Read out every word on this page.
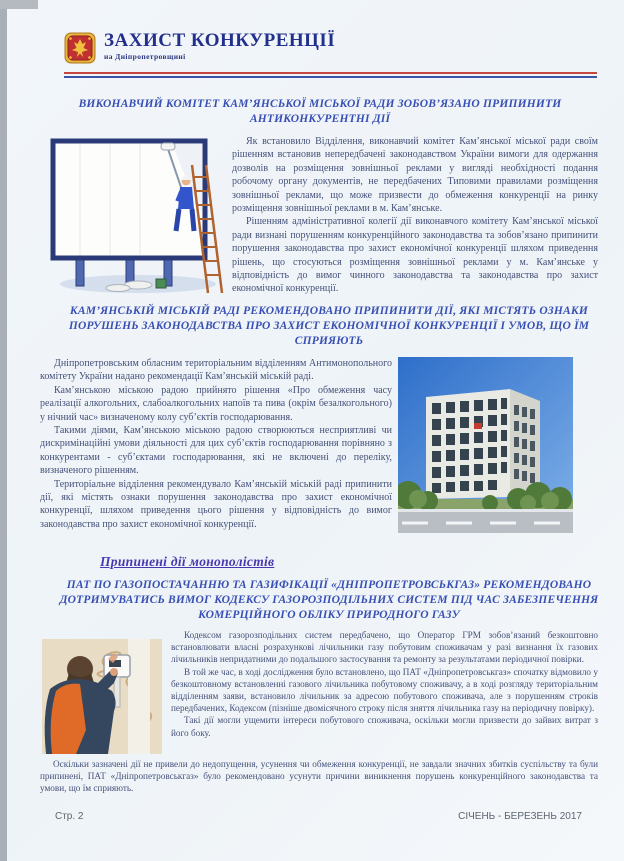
ЗАХИСТ КОНКУРЕНЦІЇ
на Дніпропетровщині
ВИКОНАВЧИЙ КОМІТЕТ КАМ’ЯНСЬКОЇ МІСЬКОЇ РАДИ ЗОБОВ’ЯЗАНО ПРИПИНИТИ АНТИКОНКУРЕНТНІ ДІЇ

Як встановило Відділення, виконавчий комітет Кам’янської міської ради своїм рішенням встановив непередбачені законодавством України вимоги для одержання дозволів на розміщення зовнішньої реклами у вигляді необхідності подання робочому органу документів, не передбачених Типовими правилами розміщення зовнішньої реклами, що може призвести до обмеження конкуренції на ринку розміщення зовнішньої реклами в м. Кам’янське.

Рішенням адміністративної колегії дії виконавчого комітету Кам’янської міської ради визнані порушенням конкуренційного законодавства та зобов’язано припинити порушення законодавства про захист економічної конкуренції шляхом приведення рішень, що стосуються розміщення зовнішньої реклами у м. Кам’янське у відповідність до вимог чинного законодавства та законодавства про захист економічної конкуренції.

КАМ’ЯНСЬКІЙ МІСЬКІЙ РАДІ РЕКОМЕНДОВАНО ПРИПИНИТИ ДІЇ, ЯКІ МІСТЯТЬ ОЗНАКИ ПОРУШЕНЬ ЗАКОНОДАВСТВА ПРО ЗАХИСТ ЕКОНОМІЧНОЇ КОНКУРЕНЦІЇ І УМОВ, ЩО ЇМ СПРИЯЮТЬ

Дніпропетровським обласним територіальним відділенням Антимонопольного комітету України надано рекомендації Кам’янській міській раді.

Кам’янською міською радою прийнято рішення «Про обмеження часу реалізації алкогольних, слабоалкогольних напоїв та пива (окрім безалкогольного) у нічний час» визначеному колу суб’єктів господарювання.

Такими діями, Кам’янською міською радою створюються несприятливі чи дискримінаційні умови діяльності для цих суб’єктів господарювання порівняно з конкурентами - суб’єктами господарювання, які не включені до переліку, визначеного рішенням.

Територіальне відділення рекомендувало Кам’янській міській раді припинити дії, які містять ознаки порушення законодавства про захист економічної конкуренції, шляхом приведення цього рішення у відповідність до вимог законодавства про захист економічної конкуренції.

Припинені дії монополістів
ПАТ ПО ГАЗОПОСТАЧАННЮ ТА ГАЗИФІКАЦІЇ «ДНІПРОПЕТРОВСЬКГАЗ» РЕКОМЕНДОВАНО ДОТРИМУВАТИСЬ ВИМОГ КОДЕКСУ ГАЗОРОЗПОДІЛЬНИХ СИСТЕМ ПІД ЧАС ЗАБЕЗПЕЧЕННЯ КОМЕРЦІЙНОГО ОБЛІКУ ПРИРОДНОГО ГАЗУ

Кодексом газорозподільних систем передбачено, що Оператор ГРМ зобов’язаний безкоштовно встановлювати власні розрахункові лічильники газу побутовим споживачам у разі визнання їх газових лічильників непридатними до подальшого застосування та ремонту за результатами періодичної повірки.

В той же час, в ході дослідження було встановлено, що ПАТ «Дніпропетровськгаз» спочатку відмовило у безкоштовному встановленні газового лічильника побутовому споживачу, а в ході розгляду територіальним відділенням заяви, встановило лічильник за адресою побутового споживача, але з порушенням строків передбачених, Кодексом (пізніше двомісячного строку після зняття лічильника газу на періодичну повірку).

Такі дії могли ущемити інтереси побутового споживача, оскільки могли призвести до зайвих витрат з його боку.

Оскільки зазначені дії не привели до недопущення, усунення чи обмеження конкуренції, не завдали значних збитків суспільству та були припинені, ПАТ «Дніпропетровськгаз» було рекомендовано усунути причини виникнення порушень конкуренційного законодавства та умови, що їм сприяють.

Стр. 2	СІЧЕНЬ - БЕРЕЗЕНЬ 2017
